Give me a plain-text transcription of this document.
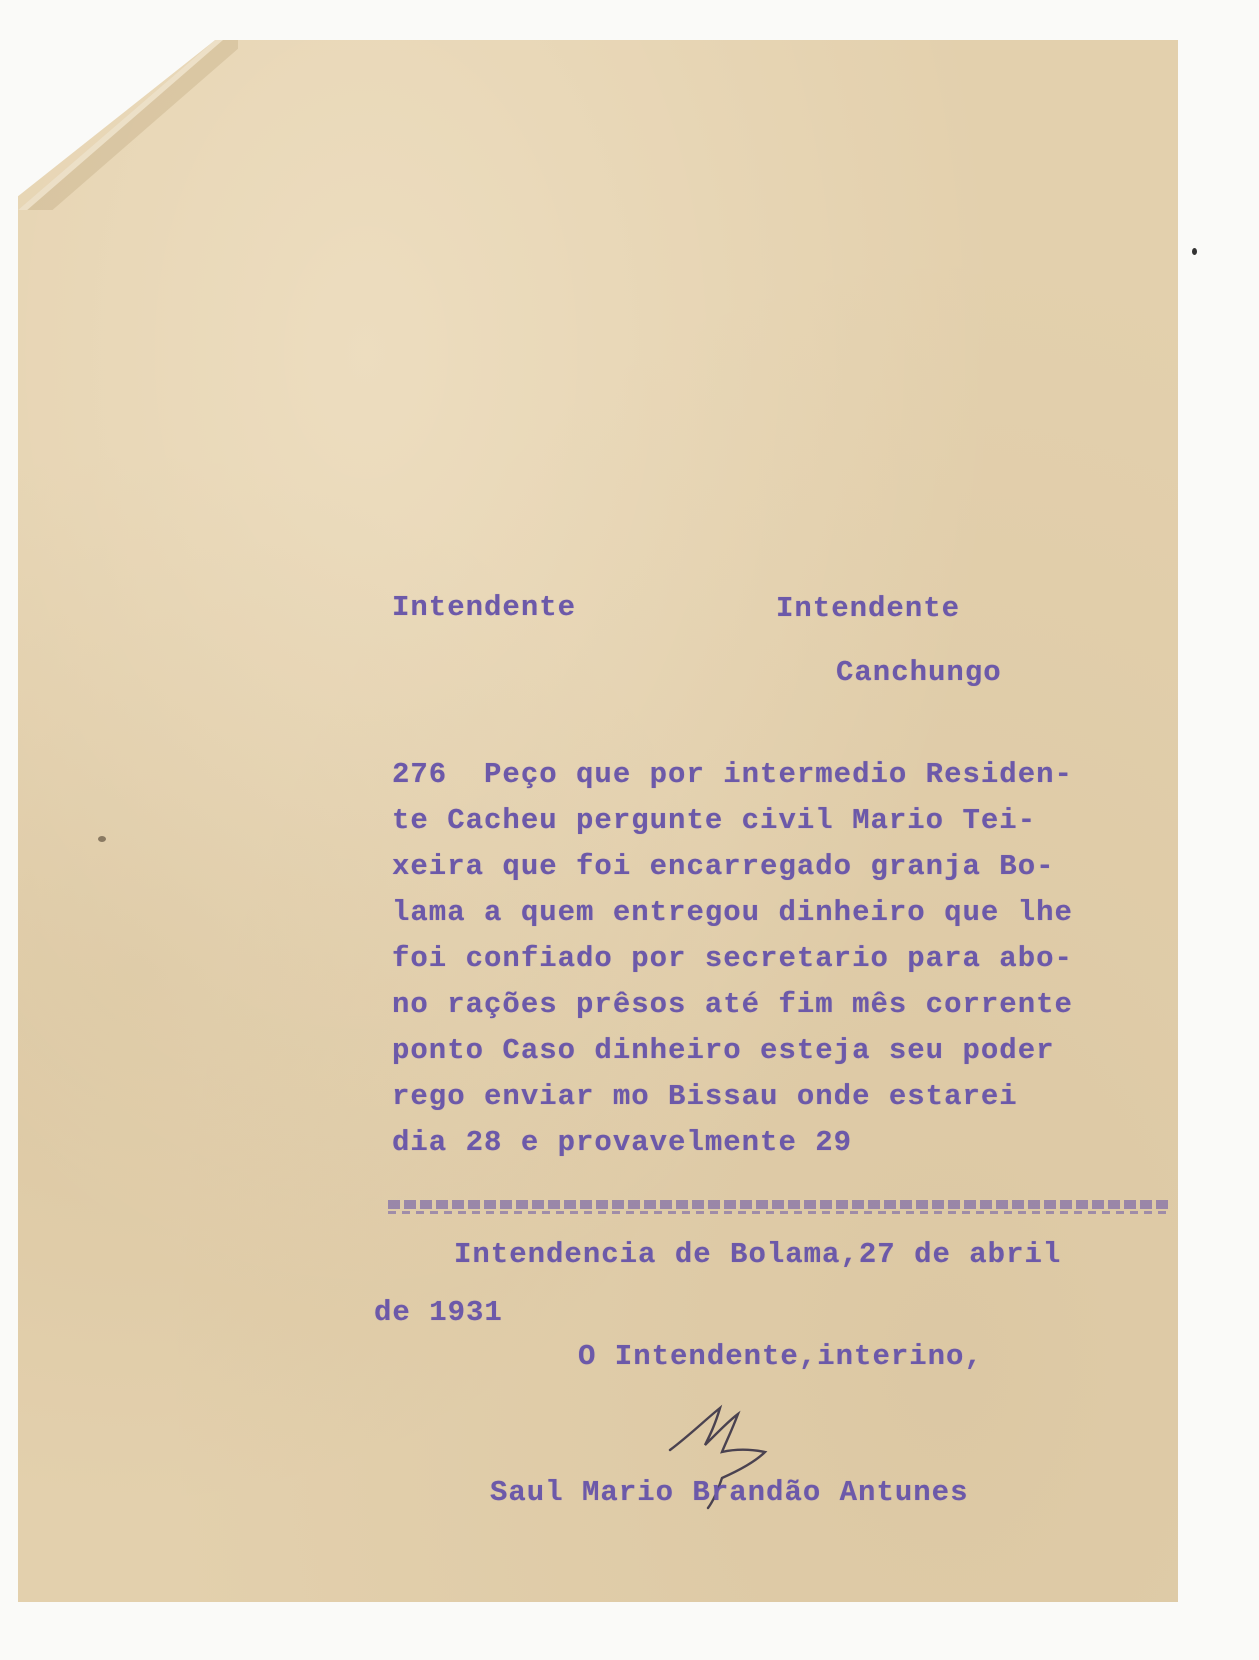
Intendente	Intendente
Canchungo
276  Peço que por intermedio Residen-
te Cacheu pergunte civil Mario Tei-
xeira que foi encarregado granja Bo-
lama a quem entregou dinheiro que lhe
foi confiado por secretario para abo-
no rações prêsos até fim mês corrente
ponto Caso dinheiro esteja seu poder
rego enviar mo Bissau onde estarei
dia 28 e provavelmente 29
Intendencia de Bolama,27 de abril
de 1931
O Intendente,interino,
Saul Mario Brandão Antunes
